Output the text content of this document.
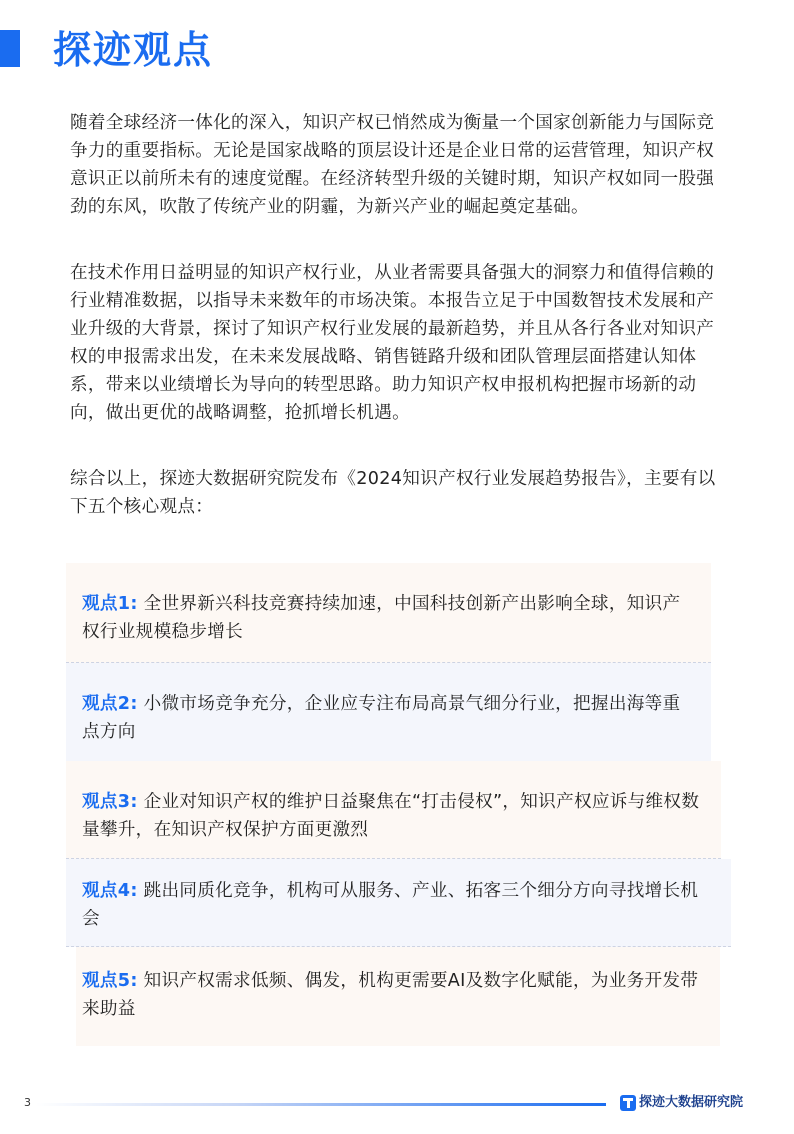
探迹观点

随着全球经济一体化的深入，知识产权已悄然成为衡量一个国家创新能力与国际竞争力的重要指标。无论是国家战略的顶层设计还是企业日常的运营管理，知识产权意识正以前所未有的速度觉醒。在经济转型升级的关键时期，知识产权如同一股强劲的东风，吹散了传统产业的阴霾，为新兴产业的崛起奠定基础。

在技术作用日益明显的知识产权行业，从业者需要具备强大的洞察力和值得信赖的行业精准数据，以指导未来数年的市场决策。本报告立足于中国数智技术发展和产业升级的大背景，探讨了知识产权行业发展的最新趋势，并且从各行各业对知识产权的申报需求出发，在未来发展战略、销售链路升级和团队管理层面搭建认知体系，带来以业绩增长为导向的转型思路。助力知识产权申报机构把握市场新的动向，做出更优的战略调整，抢抓增长机遇。

综合以上，探迹大数据研究院发布《2024知识产权行业发展趋势报告》，主要有以下五个核心观点：

观点1: 全世界新兴科技竞赛持续加速，中国科技创新产出影响全球，知识产权行业规模稳步增长
观点2: 小微市场竞争充分，企业应专注布局高景气细分行业，把握出海等重点方向
观点3: 企业对知识产权的维护日益聚焦在“打击侵权”，知识产权应诉与维权数量攀升，在知识产权保护方面更激烈
观点4: 跳出同质化竞争，机构可从服务、产业、拓客三个细分方向寻找增长机会
观点5: 知识产权需求低频、偶发，机构更需要AI及数字化赋能，为业务开发带来助益
3	探迹大数据研究院
